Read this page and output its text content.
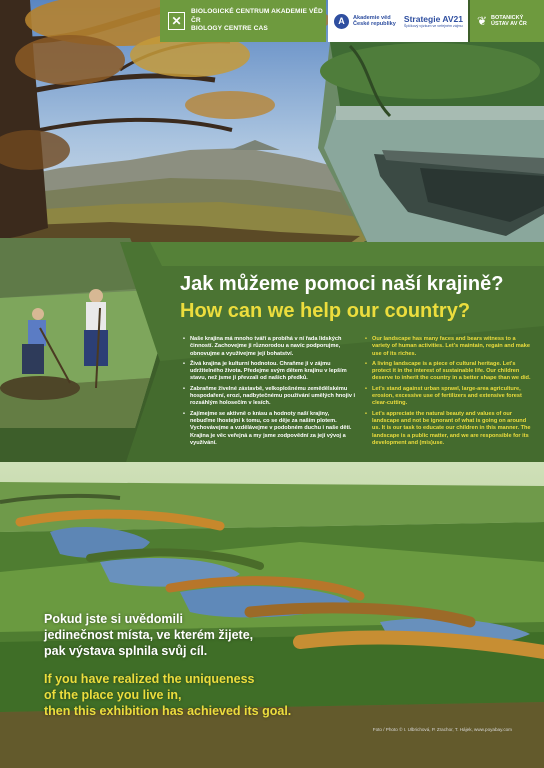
✕
BIOLOGICKÉ CENTRUM AKADEMIE VĚD ČR
BIOLOGY CENTRE CAS
A	Akademie věd
České republiky Strategie AV21
Špičkový výzkum ve veřejném zájmu ❦ BOTANICKÝ
ÚSTAV AV ČR
Jak můžeme pomoci naší krajině?
How can we help our country?
• Naše krajina má mnoho tváří a probíhá v ní řada lidských činností. Zachovejme ji různorodou a navíc podporujme, obnovujme a využívejme její bohatství.
• Živá krajina je kulturní hodnotou. Chraňme ji v zájmu udržitelného života. Předejme svým dětem krajinu v lepším stavu, než jsme ji převzali od našich předků.
• Zabraňme živelné zástavbě, velkoplošnému zemědělskému hospodaření, erozi, nadbytečnému používání umělých hnojiv i rozsáhlým holosečím v lesích.
• Zajímejme se aktivně o krásu a hodnoty naší krajiny, nebuďme lhostejní k tomu, co se děje za naším plotem. Vychovávejme a vzdělávejme v podobném duchu i naše děti. Krajina je věc veřejná a my jsme zodpovědní za její vývoj a využívání.
• Our landscape has many faces and bears witness to a variety of human activities. Let's maintain, regain and make use of its riches.
• A living landscape is a piece of cultural heritage. Let's protect it in the interest of sustainable life. Our children deserve to inherit the country in a better shape than we did.
• Let's stand against urban sprawl, large-area agriculture, erosion, excessive use of fertilizers and extensive forest clear-cutting.
• Let's appreciate the natural beauty and values of our landscape and not be ignorant of what is going on around us. It is our task to educate our children in this manner. The landscape is a public matter, and we are responsible for its development and (mis)use.
Pokud jste si uvědomili
jedinečnost místa, ve kterém žijete,
pak výstava splnila svůj cíl.
If you have realized the uniqueness
of the place you live in,
then this exhibition has achieved its goal.
Foto / Photo © I. Ulbrichová, P. Zrachor, T. Hájek, www.poyabay.com
